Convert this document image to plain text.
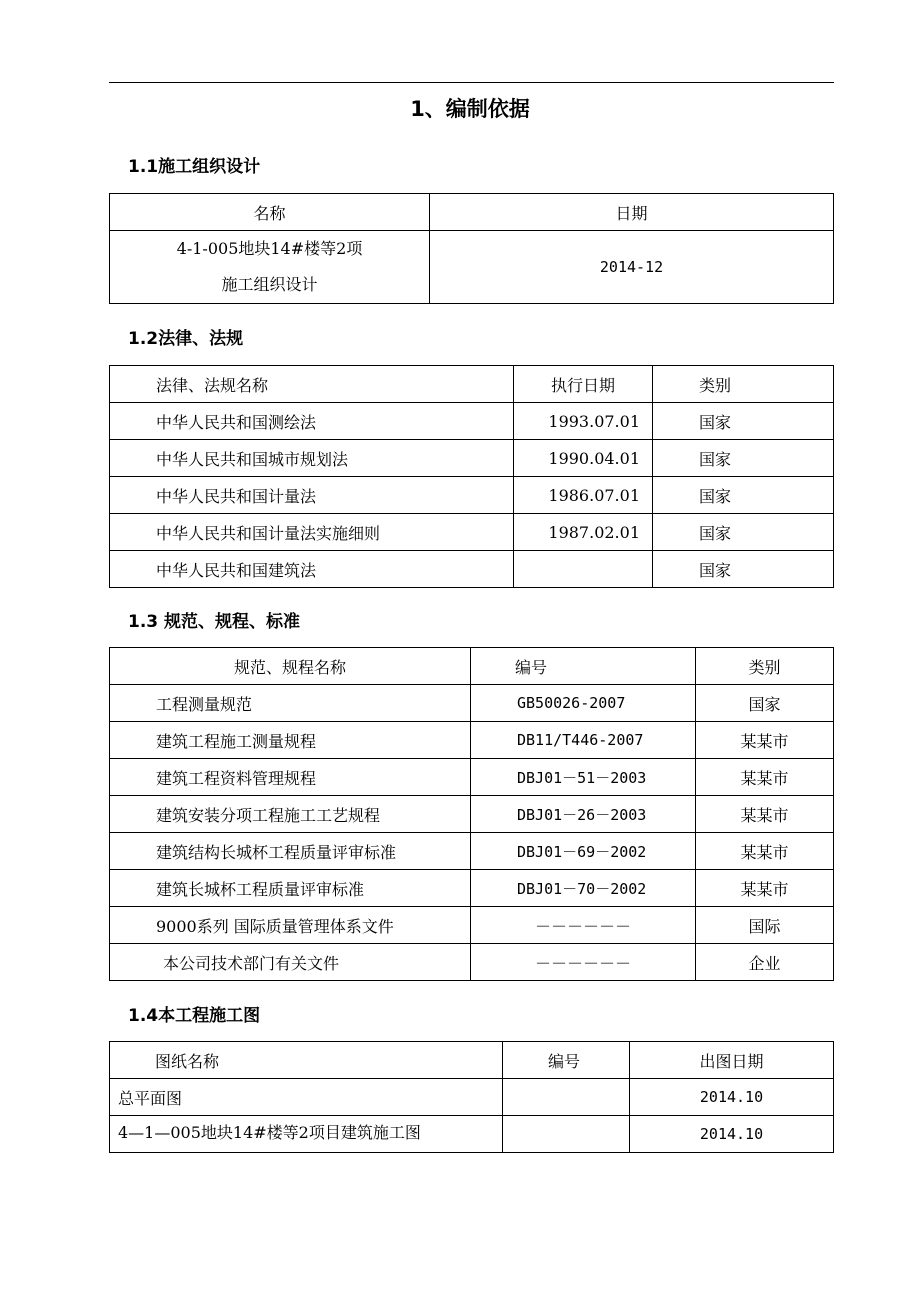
1、编制依据
1.1施工组织设计
名称	日期

4-1-005地块14#楼等2项
施工组织设计	2014-12
1.2法律、法规
法律、法规名称	执行日期	类别
中华人民共和国测绘法	1993.07.01	国家
中华人民共和国城市规划法	1990.04.01	国家
中华人民共和国计量法	1986.07.01	国家
中华人民共和国计量法实施细则	1987.02.01	国家
中华人民共和国建筑法		国家
1.3 规范、规程、标准
规范、规程名称	编号	类别
工程测量规范	GB50026-2007	国家
建筑工程施工测量规程	DB11/T446-2007	某某市
建筑工程资料管理规程	DBJ01－51－2003	某某市
建筑安装分项工程施工工艺规程	DBJ01－26－2003	某某市
建筑结构长城杯工程质量评审标准	DBJ01－69－2002	某某市
建筑长城杯工程质量评审标准	DBJ01－70－2002	某某市
9000系列 国际质量管理体系文件	－－－－－－	国际
本公司技术部门有关文件	－－－－－－	企业
1.4本工程施工图
图纸名称	编号	出图日期
总平面图		2014.10
4—1—005地块14#楼等2项目建筑施工图		2014.10
